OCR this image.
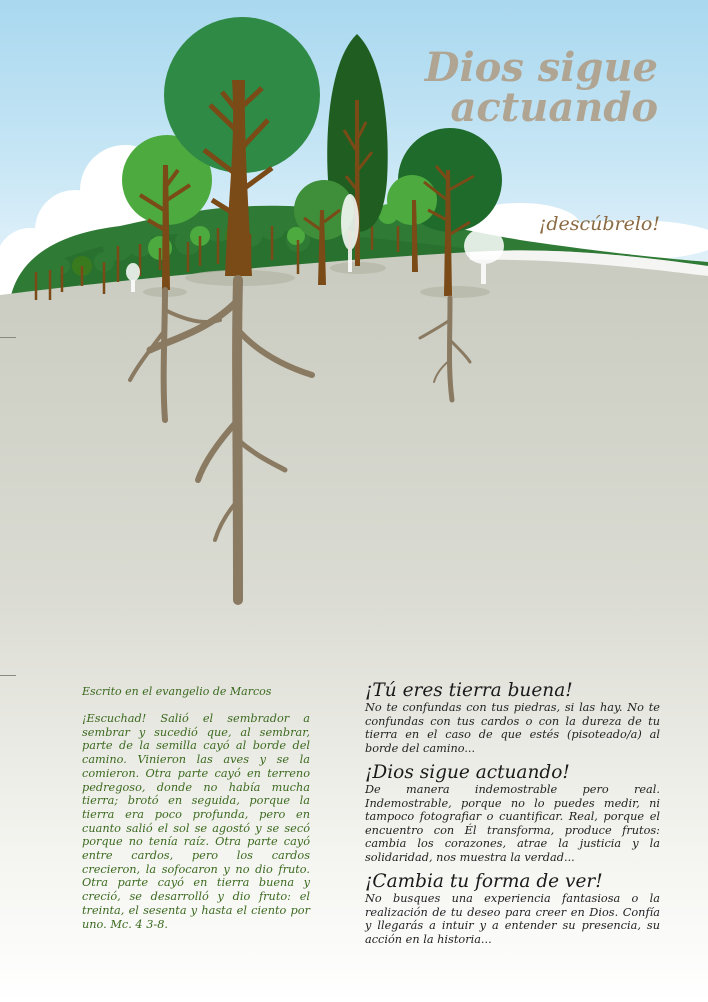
Dios sigue
actuando
¡descúbrelo!

Escrito en el evangelio de Marcos

¡Escuchad! Salió el sembrador a sembrar y sucedió que, al sembrar, parte de la semilla cayó al borde del camino. Vinieron las aves y se la comieron. Otra parte cayó en terreno pedregoso, donde no había mucha tierra; brotó en seguida, porque la tierra era poco profunda, pero en cuanto salió el sol se agostó y se secó porque no tenía raíz. Otra parte cayó entre cardos, pero los cardos crecieron, la sofocaron y no dio fruto. Otra parte cayó en tierra buena y creció, se desarrolló y dio fruto: el treinta, el sesenta y hasta el ciento por uno. Mc. 4 3-8.

¡Tú eres tierra buena!

No te confundas con tus piedras, si las hay. No te confundas con tus cardos o con la dureza de tu tierra en el caso de que estés (pisoteado/a) al borde del camino...

¡Dios sigue actuando!

De manera indemostrable pero real. Indemostrable, porque no lo puedes medir, ni tampoco fotografiar o cuantificar. Real, porque el encuentro con Él transforma, produce frutos: cambia los corazones, atrae la justicia y la solidaridad, nos muestra la verdad...

¡Cambia tu forma de ver!

No busques una experiencia fantasiosa o la realización de tu deseo para creer en Dios. Confía y llegarás a intuir y a entender su presencia, su acción en la historia...
